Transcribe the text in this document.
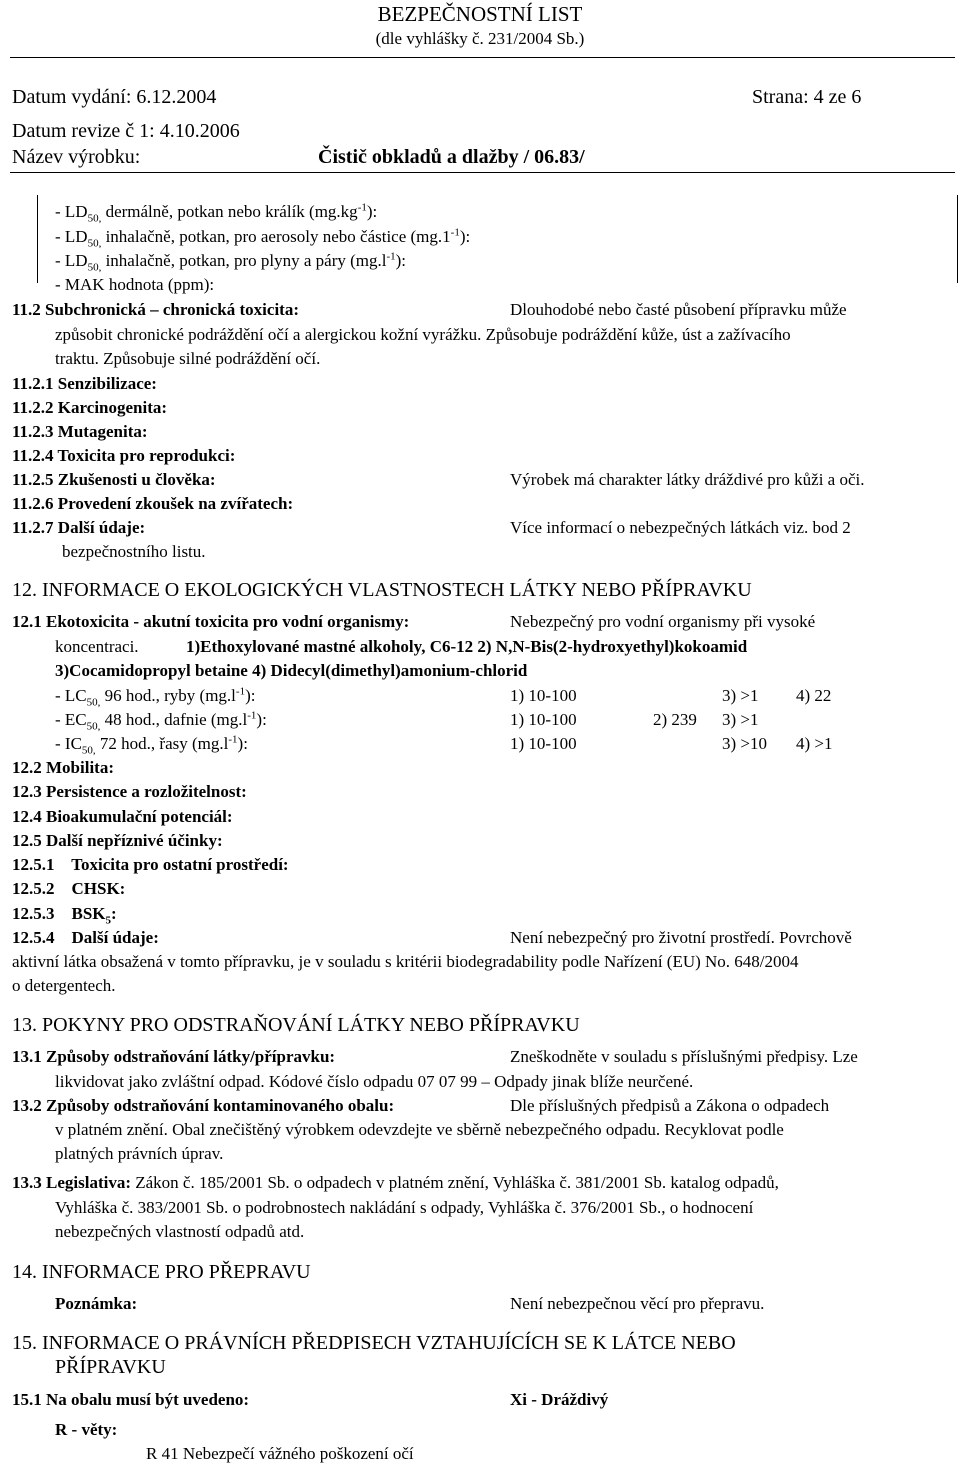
BEZPEČNOSTNÍ LIST
(dle vyhlášky č. 231/2004 Sb.)
Datum vydání: 6.12.2004	Strana: 4 ze 6
Datum revize č 1: 4.10.2006
Název výrobku:	Čistič obkladů a dlažby / 06.83/
- $LD_{50,}$ dermálně, potkan nebo králík $(mg.kg^{-1})$:
- $LD_{50,}$ inhalačně, potkan, pro aerosoly nebo částice $(mg.1^{-1})$:
- $LD_{50,}$ inhalačně, potkan, pro plyny a páry $(mg.l^{-1})$:
- MAK hodnota (ppm):
11.2 Subchronická – chronická toxicita:	Dlouhodobé nebo časté působení přípravku může
způsobit chronické podráždění očí a alergickou kožní vyrážku. Způsobuje podráždění kůže, úst a zažívacího
traktu. Způsobuje silné podráždění očí.
11.2.1 Senzibilizace:
11.2.2 Karcinogenita:
11.2.3 Mutagenita:
11.2.4 Toxicita pro reprodukci:
11.2.5 Zkušenosti u člověka:	Výrobek má charakter látky dráždivé pro kůži a oči.
11.2.6 Provedení zkoušek na zvířatech:
11.2.7 Další údaje:	Více informací o nebezpečných látkách viz. bod 2
bezpečnostního listu.
12. INFORMACE O EKOLOGICKÝCH VLASTNOSTECH LÁTKY NEBO PŘÍPRAVKU
12.1 Ekotoxicita - akutní toxicita pro vodní organismy:	Nebezpečný pro vodní organismy při vysoké
koncentraci.	1)Ethoxylované mastné alkoholy, C6-12 2) N,N-Bis(2-hydroxyethyl)kokoamid
3)Cocamidopropyl betaine 4) Didecyl(dimethyl)amonium-chlorid
- $LC_{50,}$ 96 hod., ryby $(mg.l^{-1})$:	1) 10-100	3) >1 4) 22
- $EC_{50,}$ 48 hod., dafnie $(mg.l^{-1})$:	1) 10-100	2) 239 3) >1
- $IC_{50,}$ 72 hod., řasy $(mg.l^{-1})$:	1) 10-100	3) >10 4) >1
12.2 Mobilita:
12.3 Persistence a rozložitelnost:
12.4 Bioakumulační potenciál:
12.5 Další nepříznivé účinky:
12.5.1    Toxicita pro ostatní prostředí:
12.5.2    CHSK:
12.5.3    $BSK_5$:
12.5.4    Další údaje:	Není nebezpečný pro životní prostředí. Povrchově
aktivní látka obsažená v tomto přípravku, je v souladu s kritérii biodegradability podle Nařízení (EU) No. 648/2004
o detergentech.
13. POKYNY PRO ODSTRAŇOVÁNÍ LÁTKY NEBO PŘÍPRAVKU
13.1 Způsoby odstraňování látky/přípravku:	Zneškodněte v souladu s příslušnými předpisy. Lze
likvidovat jako zvláštní odpad. Kódové číslo odpadu 07 07 99 – Odpady jinak blíže neurčené.
13.2 Způsoby odstraňování kontaminovaného obalu:	Dle příslušných předpisů a Zákona o odpadech
v platném znění. Obal znečištěný výrobkem odevzdejte ve sběrně nebezpečného odpadu. Recyklovat podle
platných právních úprav.
13.3 Legislativa: Zákon č. 185/2001 Sb. o odpadech v platném znění, Vyhláška č. 381/2001 Sb. katalog odpadů,
Vyhláška č. 383/2001 Sb. o podrobnostech nakládání s odpady, Vyhláška č. 376/2001 Sb., o hodnocení
nebezpečných vlastností odpadů atd.
14. INFORMACE PRO PŘEPRAVU
Poznámka:	Není nebezpečnou věcí pro přepravu.
15. INFORMACE O PRÁVNÍCH PŘEDPISECH VZTAHUJÍCÍCH SE K LÁTCE NEBO
PŘÍPRAVKU
15.1 Na obalu musí být uvedeno:	Xi - Dráždivý
R - věty:
R 41 Nebezpečí vážného poškození očí
